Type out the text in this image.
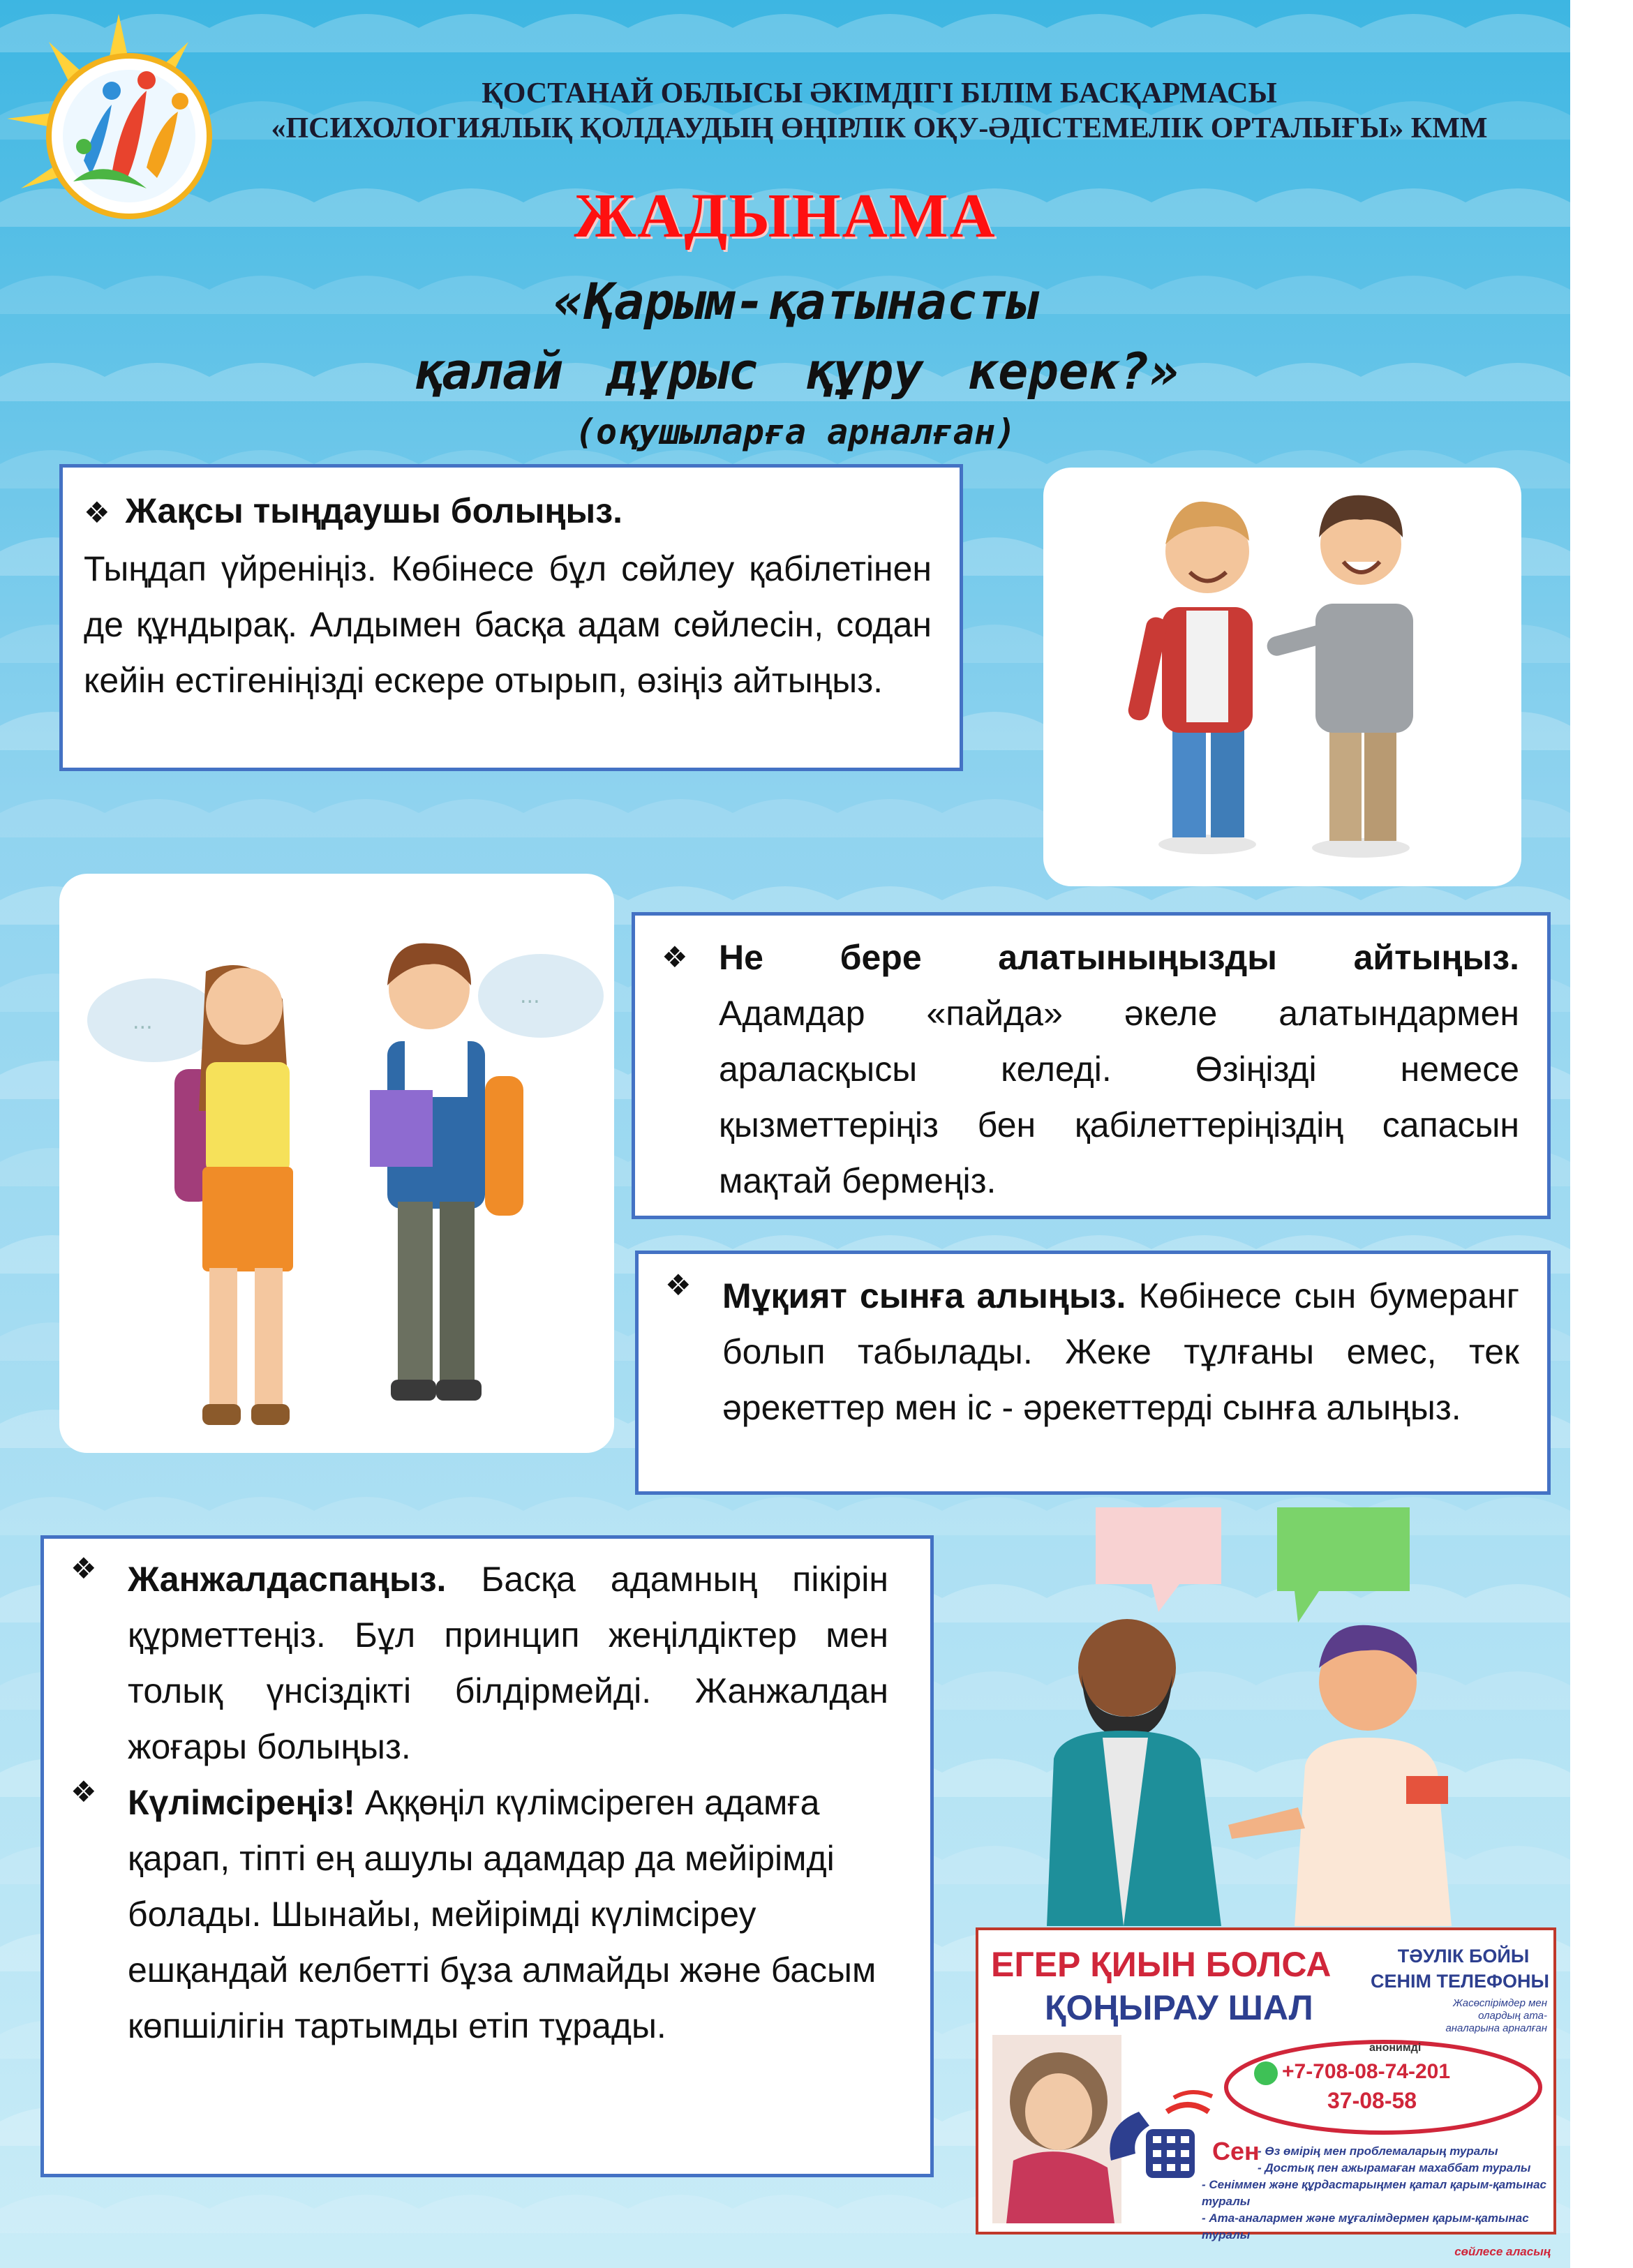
ҚОСТАНАЙ ОБЛЫСЫ ӘКІМДІГІ БІЛІМ БАСҚАРМАСЫ
«ПСИХОЛОГИЯЛЫҚ ҚОЛДАУДЫҢ ӨҢІРЛІК ОҚУ-ӘДІСТЕМЕЛІК ОРТАЛЫҒЫ» КММ
ЖАДЫНАМА
«Қарым-қатынасты
қалай дұрыс құру керек?»
(оқушыларға арналған)

❖ Жақсы тыңдаушы болыңыз.

Тыңдап үйреніңіз. Көбінесе бұл сөйлеу қабілетінен де құндырақ. Алдымен басқа адам сөйлесін, содан кейін естігеніңізді ескере отырып, өзіңіз айтыңыз.

...
...

❖ Не бере алатыныңызды айтыңыз.

Адамдар «пайда» әкеле алатындармен араласқысы келеді. Өзіңізді немесе қызметтеріңіз бен қабілеттеріңіздің сапасын мақтай бермеңіз.

❖ Мұқият сынға алыңыз. Көбінесе сын бумеранг болып табылады. Жеке тұлғаны емес, тек әрекеттер мен іс - әрекеттерді сынға алыңыз.

❖ Жанжалдаспаңыз. Басқа адамның пікірін құрметтеңіз. Бұл принцип жеңілдіктер мен толық үнсіздікті білдірмейді. Жанжалдан жоғары болыңыз.

❖ Күлімсіреңіз! Аққөңіл күлімсіреген адамға қарап, тіпті ең ашулы адамдар да мейірімді болады. Шынайы, мейірімді күлімсіреу ешқандай келбетті бұза алмайды және басым көпшілігін тартымды етіп тұрады.

ЕГЕР ҚИЫН БОЛСА
ҚОҢЫРАУ ШАЛ
ТӘУЛІК БОЙЫ
СЕНІМ ТЕЛЕФОНЫ
Жасөспірімдер мен олардың ата-аналарына арналған
анонимді
+7-708-08-74-201
37-08-58
Сен
- Өз өмірің мен проблемаларың туралы
- Достық пен ажырамаған махаббат туралы
- Сеніммен және құрдастарыңмен қатал қарым-қатынас туралы
- Ата-аналармен және мұғалімдермен қарым-қатынас туралы
сөйлесе аласың
